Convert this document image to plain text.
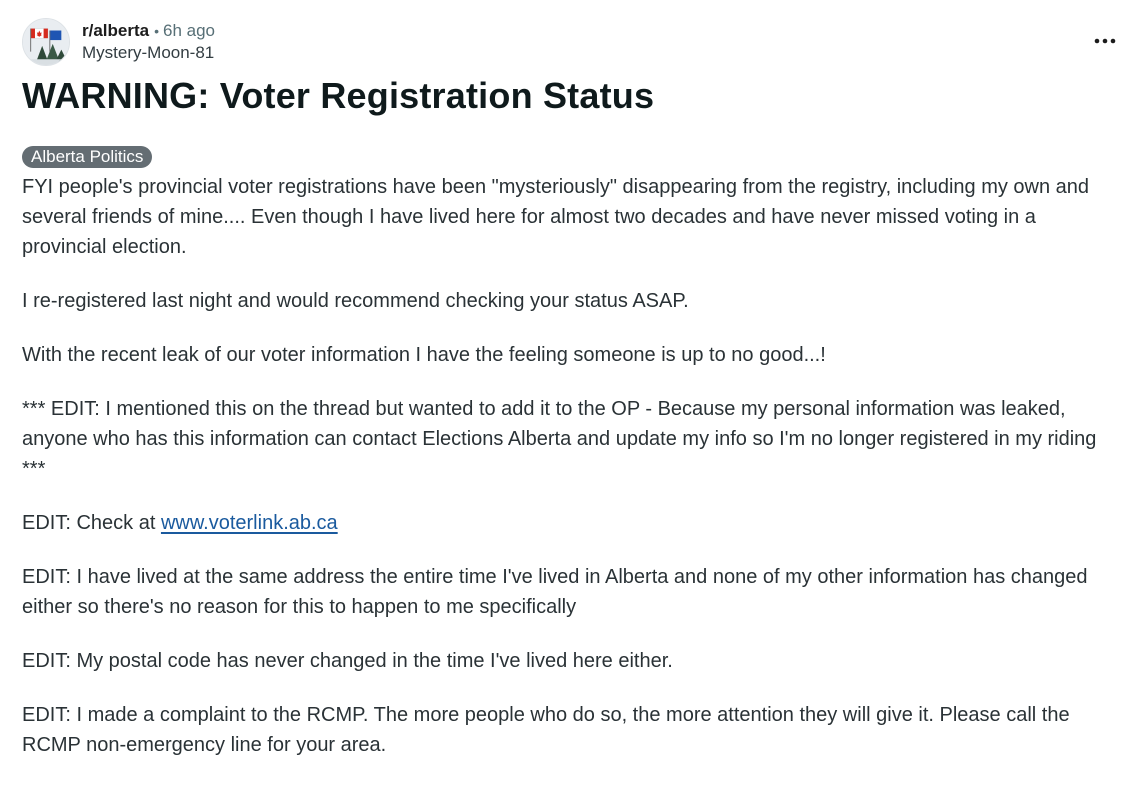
r/alberta • 6h ago
Mystery-Moon-81
WARNING: Voter Registration Status
Alberta Politics

FYI people's provincial voter registrations have been "mysteriously" disappearing from the registry, including my own and several friends of mine.... Even though I have lived here for almost two decades and have never missed voting in a provincial election.

I re-registered last night and would recommend checking your status ASAP.

With the recent leak of our voter information I have the feeling someone is up to no good...!

*** EDIT: I mentioned this on the thread but wanted to add it to the OP - Because my personal information was leaked, anyone who has this information can contact Elections Alberta and update my info so I'm no longer registered in my riding ***

EDIT: Check at www.voterlink.ab.ca

EDIT: I have lived at the same address the entire time I've lived in Alberta and none of my other information has changed either so there's no reason for this to happen to me specifically

EDIT: My postal code has never changed in the time I've lived here either.

EDIT: I made a complaint to the RCMP. The more people who do so, the more attention they will give it. Please call the RCMP non-emergency line for your area.
